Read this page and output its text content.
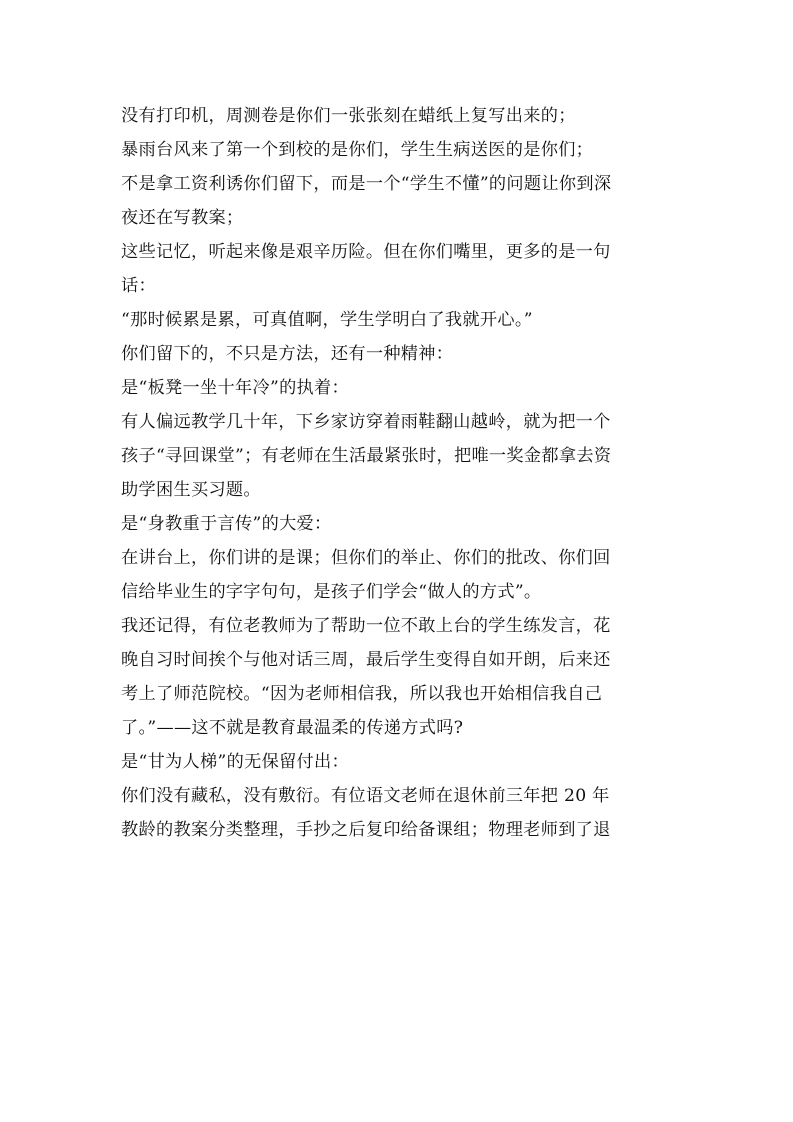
没有打印机，周测卷是你们一张张刻在蜡纸上复写出来的；
暴雨台风来了第一个到校的是你们，学生生病送医的是你们；
不是拿工资利诱你们留下，而是一个“学生不懂”的问题让你到深
夜还在写教案；
这些记忆，听起来像是艰辛历险。但在你们嘴里，更多的是一句
话：
“那时候累是累，可真值啊，学生学明白了我就开心。”
你们留下的，不只是方法，还有一种精神：
是“板凳一坐十年冷”的执着：
有人偏远教学几十年，下乡家访穿着雨鞋翻山越岭，就为把一个
孩子“寻回课堂”；有老师在生活最紧张时，把唯一奖金都拿去资
助学困生买习题。
是“身教重于言传”的大爱：
在讲台上，你们讲的是课；但你们的举止、你们的批改、你们回
信给毕业生的字字句句，是孩子们学会“做人的方式”。
我还记得，有位老教师为了帮助一位不敢上台的学生练发言，花
晚自习时间挨个与他对话三周，最后学生变得自如开朗，后来还
考上了师范院校。“因为老师相信我，所以我也开始相信我自己
了。”——这不就是教育最温柔的传递方式吗?
是“甘为人梯”的无保留付出：
你们没有藏私，没有敷衍。有位语文老师在退休前三年把 20 年
教龄的教案分类整理，手抄之后复印给备课组；物理老师到了退
